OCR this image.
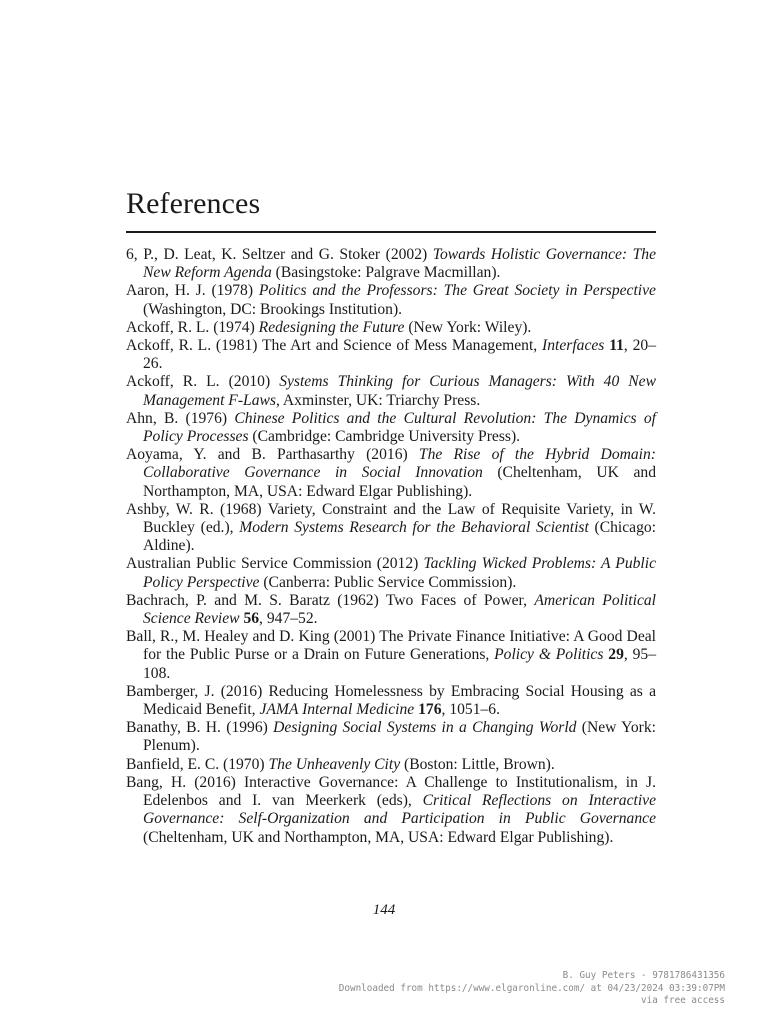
References

6, P., D. Leat, K. Seltzer and G. Stoker (2002) Towards Holistic Governance: The New Reform Agenda (Basingstoke: Palgrave Macmillan).

Aaron, H. J. (1978) Politics and the Professors: The Great Society in Perspective (Washington, DC: Brookings Institution).

Ackoff, R. L. (1974) Redesigning the Future (New York: Wiley).

Ackoff, R. L. (1981) The Art and Science of Mess Management, Interfaces 11, 20–26.

Ackoff, R. L. (2010) Systems Thinking for Curious Managers: With 40 New Management F-Laws, Axminster, UK: Triarchy Press.

Ahn, B. (1976) Chinese Politics and the Cultural Revolution: The Dynamics of Policy Processes (Cambridge: Cambridge University Press).

Aoyama, Y. and B. Parthasarthy (2016) The Rise of the Hybrid Domain: Collaborative Governance in Social Innovation (Cheltenham, UK and Northampton, MA, USA: Edward Elgar Publishing).

Ashby, W. R. (1968) Variety, Constraint and the Law of Requisite Variety, in W. Buckley (ed.), Modern Systems Research for the Behavioral Scientist (Chicago: Aldine).

Australian Public Service Commission (2012) Tackling Wicked Problems: A Public Policy Perspective (Canberra: Public Service Commission).

Bachrach, P. and M. S. Baratz (1962) Two Faces of Power, American Political Science Review 56, 947–52.

Ball, R., M. Healey and D. King (2001) The Private Finance Initiative: A Good Deal for the Public Purse or a Drain on Future Generations, Policy & Politics 29, 95–108.

Bamberger, J. (2016) Reducing Homelessness by Embracing Social Housing as a Medicaid Benefit, JAMA Internal Medicine 176, 1051–6.

Banathy, B. H. (1996) Designing Social Systems in a Changing World (New York: Plenum).

Banfield, E. C. (1970) The Unheavenly City (Boston: Little, Brown).

Bang, H. (2016) Interactive Governance: A Challenge to Institutionalism, in J. Edelenbos and I. van Meerkerk (eds), Critical Reflections on Interactive Governance: Self-Organization and Participation in Public Governance (Cheltenham, UK and Northampton, MA, USA: Edward Elgar Publishing).

144
B. Guy Peters - 9781786431356
Downloaded from https://www.elgaronline.com/ at 04/23/2024 03:39:07PM
via free access
